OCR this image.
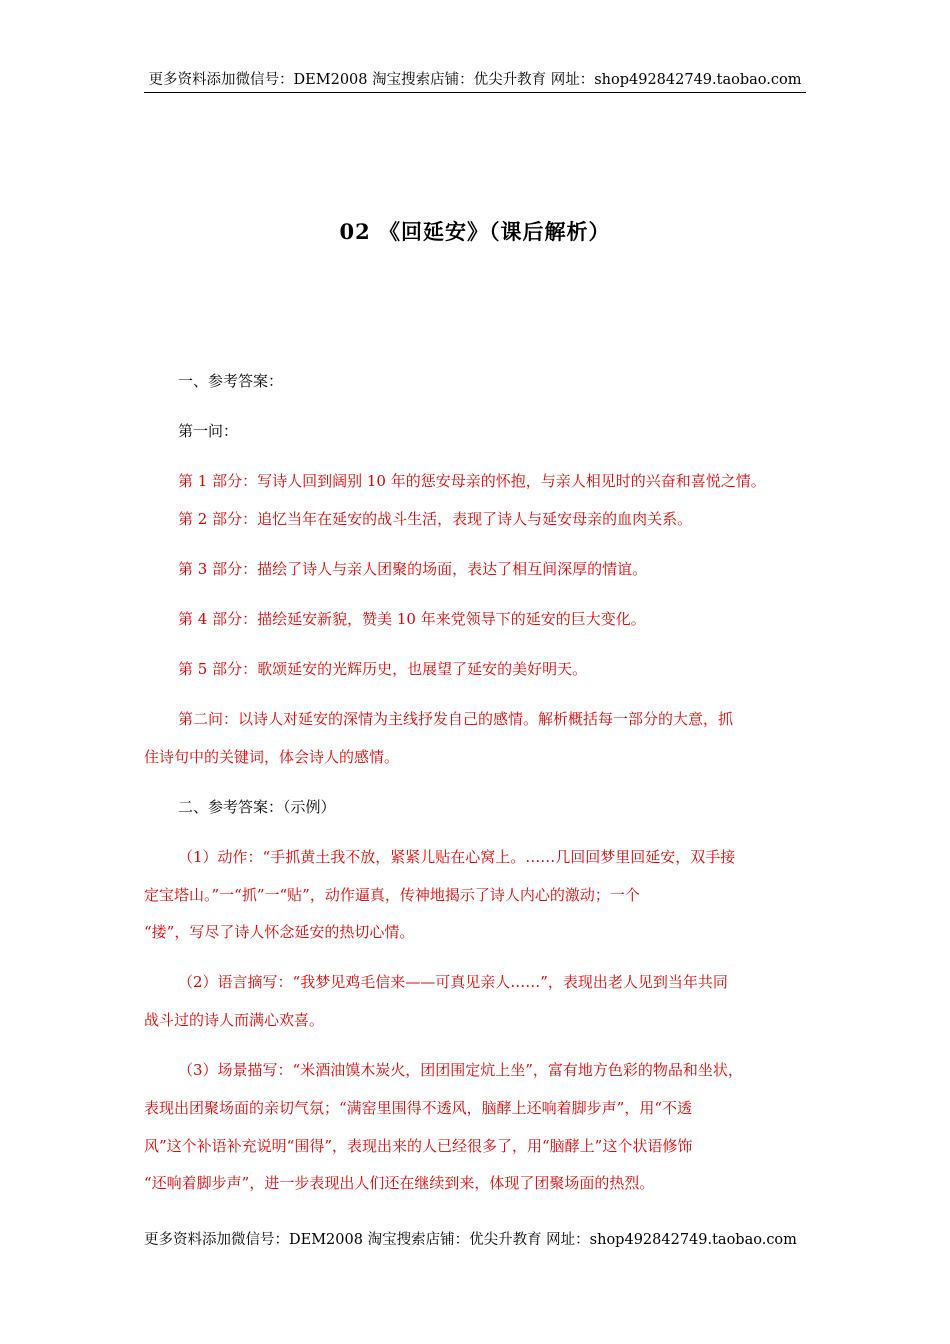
更多资料添加微信号：DEM2008 淘宝搜索店铺：优尖升教育 网址：shop492842749.taobao.com
02 《回延安》（课后解析）
一、参考答案：
第一问：
第 1 部分：写诗人回到阔别 10 年的惩安母亲的怀抱，与亲人相见时的兴奋和喜悦之情。
第 2 部分：追忆当年在延安的战斗生活，表现了诗人与延安母亲的血肉关系。
第 3 部分：描绘了诗人与亲人团聚的场面，表达了相互间深厚的情谊。
第 4 部分：描绘延安新貌，赞美 10 年来党领导下的延安的巨大变化。
第 5 部分：歌颂延安的光辉历史，也展望了延安的美好明天。
第二问：以诗人对延安的深情为主线抒发自己的感情。解析概括每一部分的大意，抓
住诗句中的关键词，体会诗人的感情。
二、参考答案：（示例）
（1）动作：“手抓黄土我不放，紧紧儿贴在心窝上。……几回回梦里回延安，双手接
定宝塔山。”一“抓”一“贴”，动作逼真，传神地揭示了诗人内心的激动；一个
“搂”，写尽了诗人怀念延安的热切心情。
（2）语言摘写：“我梦见鸡毛信来——可真见亲人……”，表现出老人见到当年共同
战斗过的诗人而满心欢喜。
（3）场景描写：“米酒油馍木炭火，团团围定炕上坐”，富有地方色彩的物品和坐状，
表现出团聚场面的亲切气氛；“满窑里围得不透风，脑酵上还响着脚步声”，用“不透
风”这个补语补充说明“围得”，表现出来的人已经很多了，用“脑酵上”这个状语修饰
“还响着脚步声”，进一步表现出人们还在继续到来，体现了团聚场面的热烈。
更多资料添加微信号：DEM2008 淘宝搜索店铺：优尖升教育 网址：shop492842749.taobao.com
